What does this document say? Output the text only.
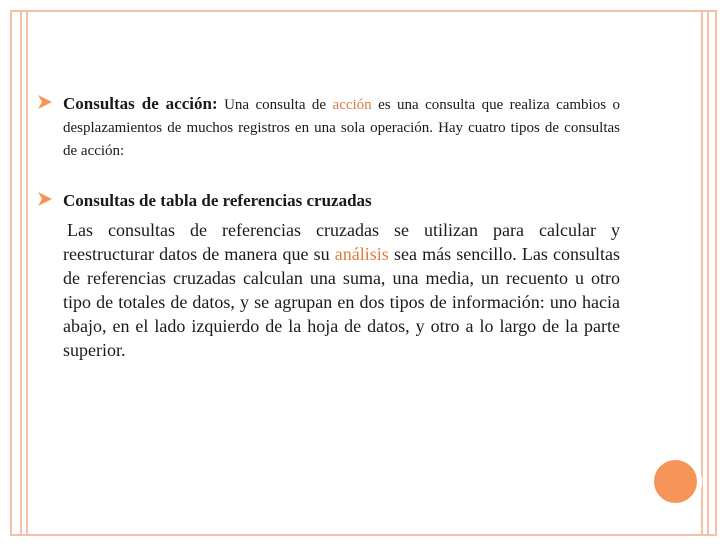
Consultas de acción: Una consulta de acción es una consulta que realiza cambios o desplazamientos de muchos registros en una sola operación. Hay cuatro tipos de consultas de acción:

Consultas de tabla de referencias cruzadas

Las consultas de referencias cruzadas se utilizan para calcular y reestructurar datos de manera que su análisis sea más sencillo. Las consultas de referencias cruzadas calculan una suma, una media, un recuento u otro tipo de totales de datos, y se agrupan en dos tipos de información: uno hacia abajo, en el lado izquierdo de la hoja de datos, y otro a lo largo de la parte superior.
